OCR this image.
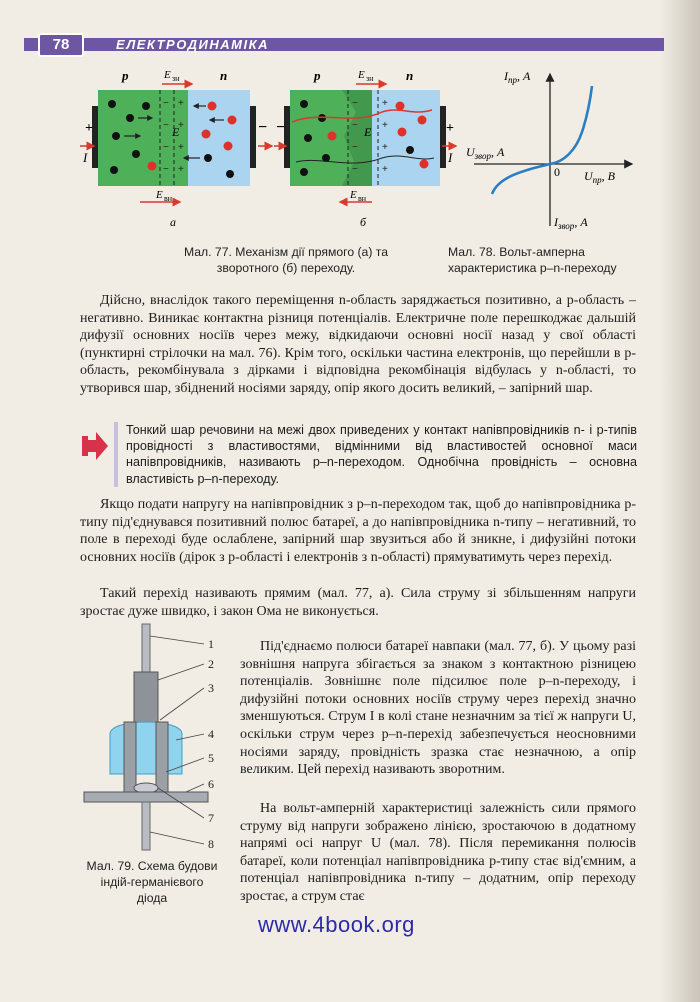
78	ЕЛЕКТРОДИНАМІКА
− +
− +
− +
− +
+	−
I
p	n
E зн
E
E вн
а
− +
− +
− +
− +
−	+
I
p	n
E зн
E
E вн
б
Мал. 77. Механізм дії прямого (а) та зворотного (б) переходу.
$I_{пр}$, А
$U_{звор}$, А
0 $U_{пр}$, В
$I_{звор}$, А
Мал. 78. Вольт-амперна характеристика p–n-переходу

Дійсно, внаслідок такого переміщення n-область заряджається позитивно, а p-область – негативно. Виникає контактна різниця потенціалів. Електричне поле перешкоджає дальшій дифузії основних носіїв через межу, відкидаючи основні носії назад у свої області (пунктирні стрілочки на мал. 76). Крім того, оскільки частина електронів, що перейшли в p-область, рекомбінувала з дірками і відповідна рекомбінація відбулась у n-області, то утворився шар, збіднений носіями заряду, опір якого досить великий, – запірний шар.

Тонкий шар речовини на межі двох приведених у контакт напівпровідників n- і p-типів провідності з властивостями, відмінними від властивостей основної маси напівпровідників, називають p–n-переходом. Однобічна провідність – основна властивість p–n-переходу.

Якщо подати напругу на напівпровідник з p–n-переходом так, щоб до напівпровідника p-типу під'єднувався позитивний полюс батареї, а до напівпровідника n-типу – негативний, то поле в переході буде ослаблене, запірний шар звузиться або й зникне, і дифузійні потоки основних носіїв (дірок з p-області і електронів з n-області) прямуватимуть через перехід.

Такий перехід називають прямим (мал. 77, а). Сила струму зі збільшенням напруги зростає дуже швидко, і закон Ома не виконується.

1
2
3
4
5
6
7
8
Мал. 79. Схема будови індій-германієвого діода

Під'єднаємо полюси батареї навпаки (мал. 77, б). У цьому разі зовнішня напруга збігається за знаком з контактною різницею потенціалів. Зовнішнє поле підсилює поле p–n-переходу, і дифузійні потоки основних носіїв струму через перехід значно зменшуються. Струм I в колі стане незначним за тієї ж напруги U, оскільки струм через p–n-перехід забезпечується неосновними носіями заряду, провідність зразка стає незначною, а опір великим. Цей перехід називають зворотним.

На вольт-амперній характеристиці залежність сили прямого струму від напруги зображено лінією, зростаючою в додатному напрямі осі напруг U (мал. 78). Після перемикання полюсів батареї, коли потенціал напівпровідника p-типу стає від'ємним, а потенціал напівпровідника n-типу – додатним, опір переходу зростає, а струм стає

www.4book.org
